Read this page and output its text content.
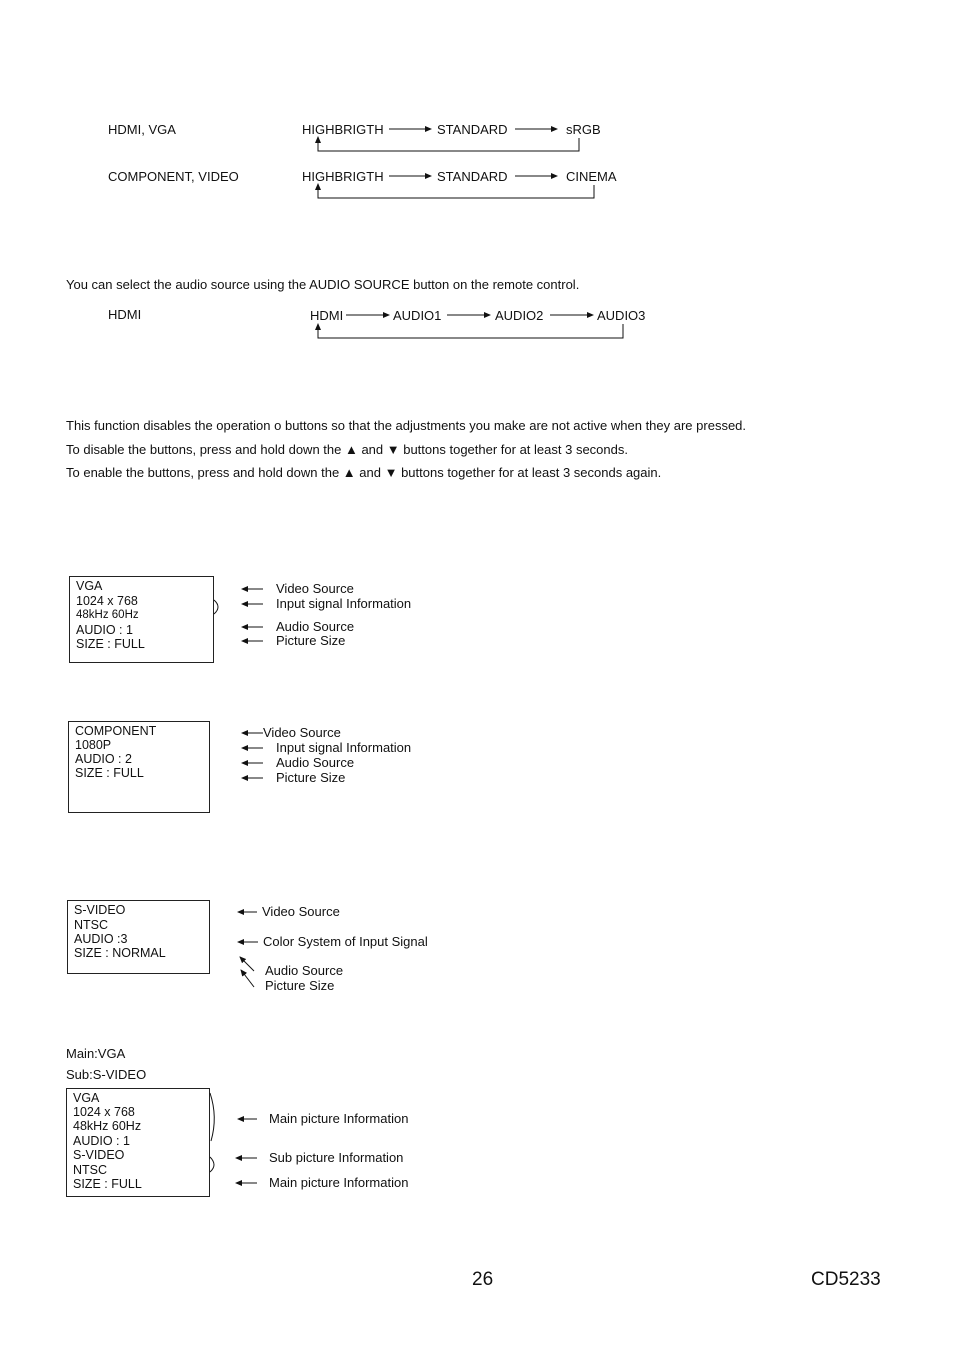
HDMI, VGA	HIGHBRIGTH	STANDARD	sRGB
COMPONENT, VIDEO	HIGHBRIGTH	STANDARD	CINEMA
You can select the audio source using the AUDIO SOURCE button on the remote control.
HDMI	HDMI	AUDIO1	AUDIO2	AUDIO3
This function disables the operation o buttons so that the adjustments you make are not active when they are pressed.
To disable the buttons, press and hold down the ▲ and ▼ buttons together for at least 3 seconds.
To enable the buttons, press and hold down the ▲ and ▼ buttons together for at least 3 seconds again.
VGA
1024 x 768
48kHz 60Hz
AUDIO : 1
SIZE : FULL
Video Source
Input signal Information
Audio Source
Picture Size
COMPONENT
1080P
AUDIO : 2
SIZE : FULL
Video Source
Input signal Information
Audio Source
Picture Size
S-VIDEO
NTSC
AUDIO :3
SIZE : NORMAL
Video Source
Color System of Input Signal
Audio Source
Picture Size
Main:VGA
Sub:S-VIDEO
VGA
1024 x 768
48kHz 60Hz
AUDIO : 1
S-VIDEO
NTSC
SIZE : FULL
Main picture Information
Sub picture Information
Main picture Information
26	CD5233
